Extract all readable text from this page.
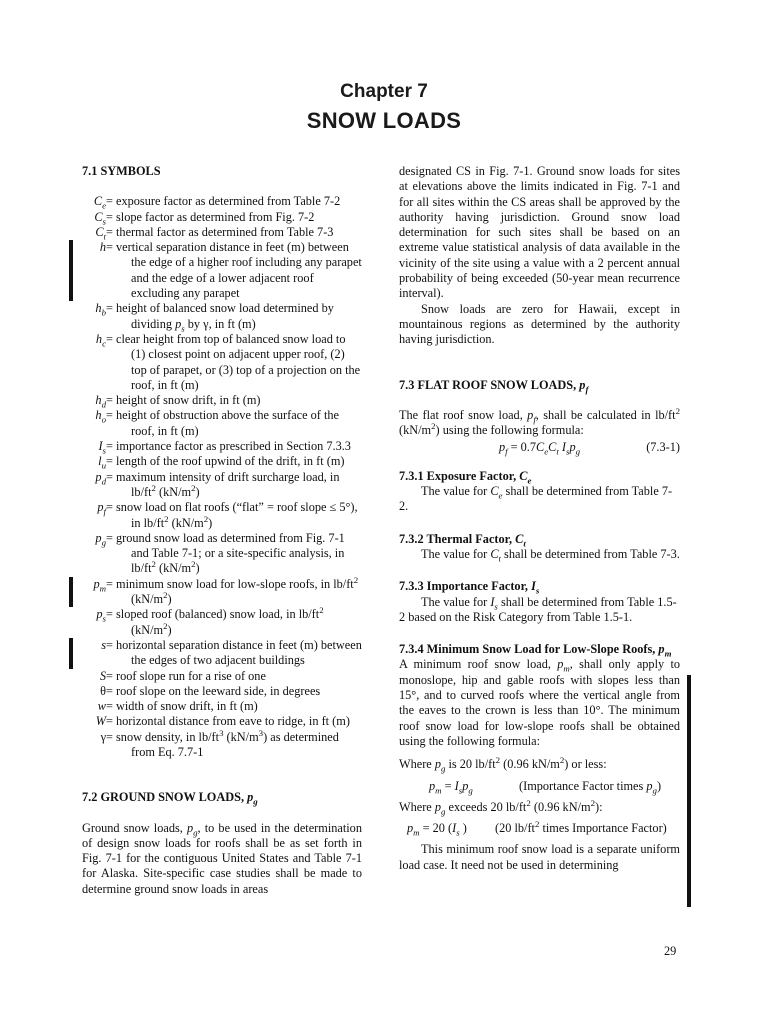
Chapter 7
SNOW LOADS

7.1 SYMBOLS

$C_e$ = exposure factor as determined from Table 7-2
$C_s$ = slope factor as determined from Fig. 7-2
$C_t$ = thermal factor as determined from Table 7-3
h = vertical separation distance in feet (m) between the edge of a higher roof including any parapet and the edge of a lower adjacent roof excluding any parapet
$h_b$ = height of balanced snow load determined by dividing $p_s$ by γ, in ft (m)
$h_c$ = clear height from top of balanced snow load to (1) closest point on adjacent upper roof, (2) top of parapet, or (3) top of a projection on the roof, in ft (m)
$h_d$ = height of snow drift, in ft (m)
$h_o$ = height of obstruction above the surface of the roof, in ft (m)
$I_s$ = importance factor as prescribed in Section 7.3.3
$l_u$ = length of the roof upwind of the drift, in ft (m)
$p_d$ = maximum intensity of drift surcharge load, in $lb/ft^2$ $(kN/m^2)$
$p_f$ = snow load on flat roofs (“flat” = roof slope ≤ 5°), in $lb/ft^2$ $(kN/m^2)$
$p_g$ = ground snow load as determined from Fig. 7-1 and Table 7-1; or a site-specific analysis, in $lb/ft^2$ $(kN/m^2)$
$p_m$ = minimum snow load for low-slope roofs, in $lb/ft^2$ $(kN/m^2)$
$p_s$ = sloped roof (balanced) snow load, in $lb/ft^2$ $(kN/m^2)$
s = horizontal separation distance in feet (m) between the edges of two adjacent buildings
S = roof slope run for a rise of one
θ = roof slope on the leeward side, in degrees
w = width of snow drift, in ft (m)
W = horizontal distance from eave to ridge, in ft (m)
γ = snow density, in $lb/ft^3$ $(kN/m^3)$ as determined from Eq. 7.7-1

7.2 GROUND SNOW LOADS, $p_g$

Ground snow loads, $p_g$, to be used in the determination of design snow loads for roofs shall be as set forth in Fig. 7-1 for the contiguous United States and Table 7-1 for Alaska. Site-specific case studies shall be made to determine ground snow loads in areas

designated CS in Fig. 7-1. Ground snow loads for sites at elevations above the limits indicated in Fig. 7-1 and for all sites within the CS areas shall be approved by the authority having jurisdiction. Ground snow load determination for such sites shall be based on an extreme value statistical analysis of data available in the vicinity of the site using a value with a 2 percent annual probability of being exceeded (50-year mean recurrence interval).

Snow loads are zero for Hawaii, except in mountainous regions as determined by the authority having jurisdiction.

7.3 FLAT ROOF SNOW LOADS, $p_f$

The flat roof snow load, $p_f$, shall be calculated in $lb/ft^2$ $(kN/m^2)$ using the following formula:

$p_f = 0.7C_eC_t$ $I_sp_g$	(7.3-1)

7.3.1 Exposure Factor, $C_e$

The value for $C_e$ shall be determined from Table 7-2.

7.3.2 Thermal Factor, $C_t$

The value for $C_t$ shall be determined from Table 7-3.

7.3.3 Importance Factor, $I_s$

The value for $I_s$ shall be determined from Table 1.5-2 based on the Risk Category from Table 1.5-1.

7.3.4 Minimum Snow Load for Low-Slope Roofs, $p_m$

A minimum roof snow load, $p_m$, shall only apply to monoslope, hip and gable roofs with slopes less than 15°, and to curved roofs where the vertical angle from the eaves to the crown is less than 10°. The minimum roof snow load for low-slope roofs shall be obtained using the following formula:

Where $p_g$ is 20 $lb/ft^2$ (0.96 $kN/m^2$) or less:

$p_m = I_sp_g$	(Importance Factor times $p_g$)

Where $p_g$ exceeds 20 $lb/ft^2$ (0.96 $kN/m^2$):

$p_m = 20$ ($I_s$ )	(20 $lb/ft^2$ times Importance Factor)

This minimum roof snow load is a separate uniform load case. It need not be used in determining

29
